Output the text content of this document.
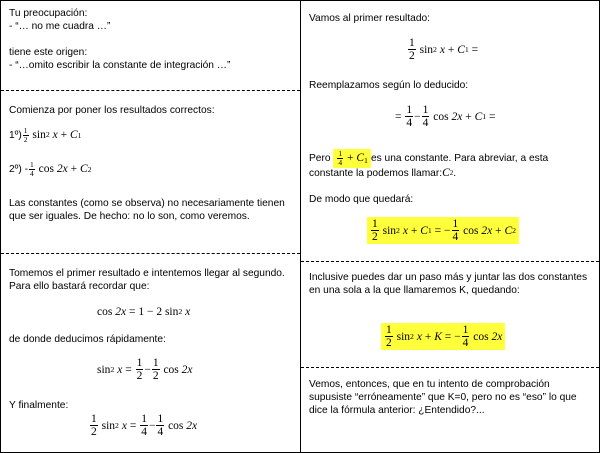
Tu preocupación:
- “… no me cuadra …”
tiene este origen:
- “…omito escribir la constante de integración …”
Comienza por poner los resultados correctos:
1º) $\frac{1}{2}$
sin 2
x
+
C 1
2º) - $\frac{1}{4}$
cos
2x
+
C 2
Las constantes (como se observa) no necesariamente tienen que ser iguales. De hecho: no lo son, como veremos.
Tomemos el primer resultado e intentemos llegar al segundo. Para ello bastará recordar que:
cos
2x
=
1 − 2
sin 2
x
de donde deducimos rápidamente:
sin 2
x
=
$\frac{1}{2} - \frac{1}{2}$
cos
2x
Y finalmente:
$\frac{1}{2}$
sin 2
x
=
$\frac{1}{4} - \frac{1}{4}$
cos
2x
Vamos al primer resultado:
$\frac{1}{2}$
sin 2
x
+
C 1
=
Reemplazamos según lo deducido:
=
$\frac{1}{4} - \frac{1}{4}$
cos
2x
+
C 1
=
Pero
$\frac{1}{4} + C1$ es una constante. Para abreviar, a esta
constante la podemos llamar: C 2 .
De modo que quedará:
$\frac{1}{2}$
sin 2
x
+
C 1
=
− $\frac{1}{4}$
cos
2x
+
C 2
Inclusive puedes dar un paso más y juntar las dos constantes en una sola a la que llamaremos K, quedando:
$\frac{1}{2}$
sin 2
x
+
K
=
− $\frac{1}{4}$
cos
2x
Vemos, entonces, que en tu intento de comprobación supusiste “erróneamente” que K=0, pero no es “eso” lo que dice la fórmula anterior: ¿Entendido?...
